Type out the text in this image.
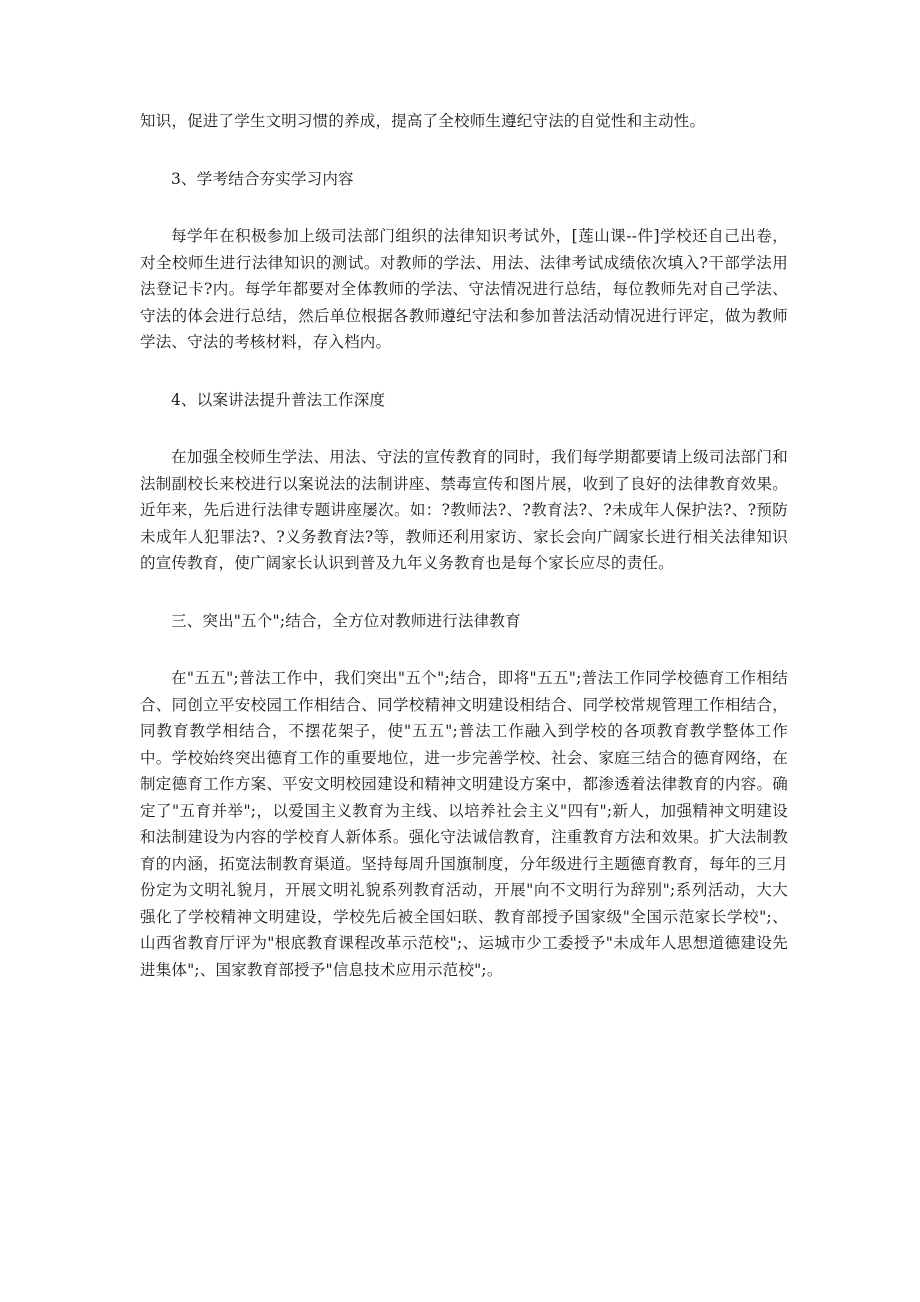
知识，促进了学生文明习惯的养成，提高了全校师生遵纪守法的自觉性和主动性。

3、学考结合夯实学习内容

每学年在积极参加上级司法部门组织的法律知识考试外，[莲山课--件]学校还自己出卷，对全校师生进行法律知识的测试。对教师的学法、用法、法律考试成绩依次填入?干部学法用法登记卡?内。每学年都要对全体教师的学法、守法情况进行总结，每位教师先对自己学法、守法的体会进行总结，然后单位根据各教师遵纪守法和参加普法活动情况进行评定，做为教师学法、守法的考核材料，存入档内。

4、以案讲法提升普法工作深度

在加强全校师生学法、用法、守法的宣传教育的同时，我们每学期都要请上级司法部门和法制副校长来校进行以案说法的法制讲座、禁毒宣传和图片展，收到了良好的法律教育效果。近年来，先后进行法律专题讲座屡次。如：?教师法?、?教育法?、?未成年人保护法?、?预防未成年人犯罪法?、?义务教育法?等，教师还利用家访、家长会向广阔家长进行相关法律知识的宣传教育，使广阔家长认识到普及九年义务教育也是每个家长应尽的责任。

三、突出"五个";结合，全方位对教师进行法律教育

在"五五";普法工作中，我们突出"五个";结合，即将"五五";普法工作同学校德育工作相结合、同创立平安校园工作相结合、同学校精神文明建设相结合、同学校常规管理工作相结合，同教育教学相结合，不摆花架子，使"五五";普法工作融入到学校的各项教育教学整体工作中。学校始终突出德育工作的重要地位，进一步完善学校、社会、家庭三结合的德育网络，在制定德育工作方案、平安文明校园建设和精神文明建设方案中，都渗透着法律教育的内容。确定了"五育并举";，以爱国主义教育为主线、以培养社会主义"四有";新人，加强精神文明建设和法制建设为内容的学校育人新体系。强化守法诚信教育，注重教育方法和效果。扩大法制教育的内涵，拓宽法制教育渠道。坚持每周升国旗制度，分年级进行主题德育教育，每年的三月份定为文明礼貌月，开展文明礼貌系列教育活动，开展"向不文明行为辞别";系列活动，大大强化了学校精神文明建设，学校先后被全国妇联、教育部授予国家级"全国示范家长学校";、山西省教育厅评为"根底教育课程改革示范校";、运城市少工委授予"未成年人思想道德建设先进集体";、国家教育部授予"信息技术应用示范校";。
